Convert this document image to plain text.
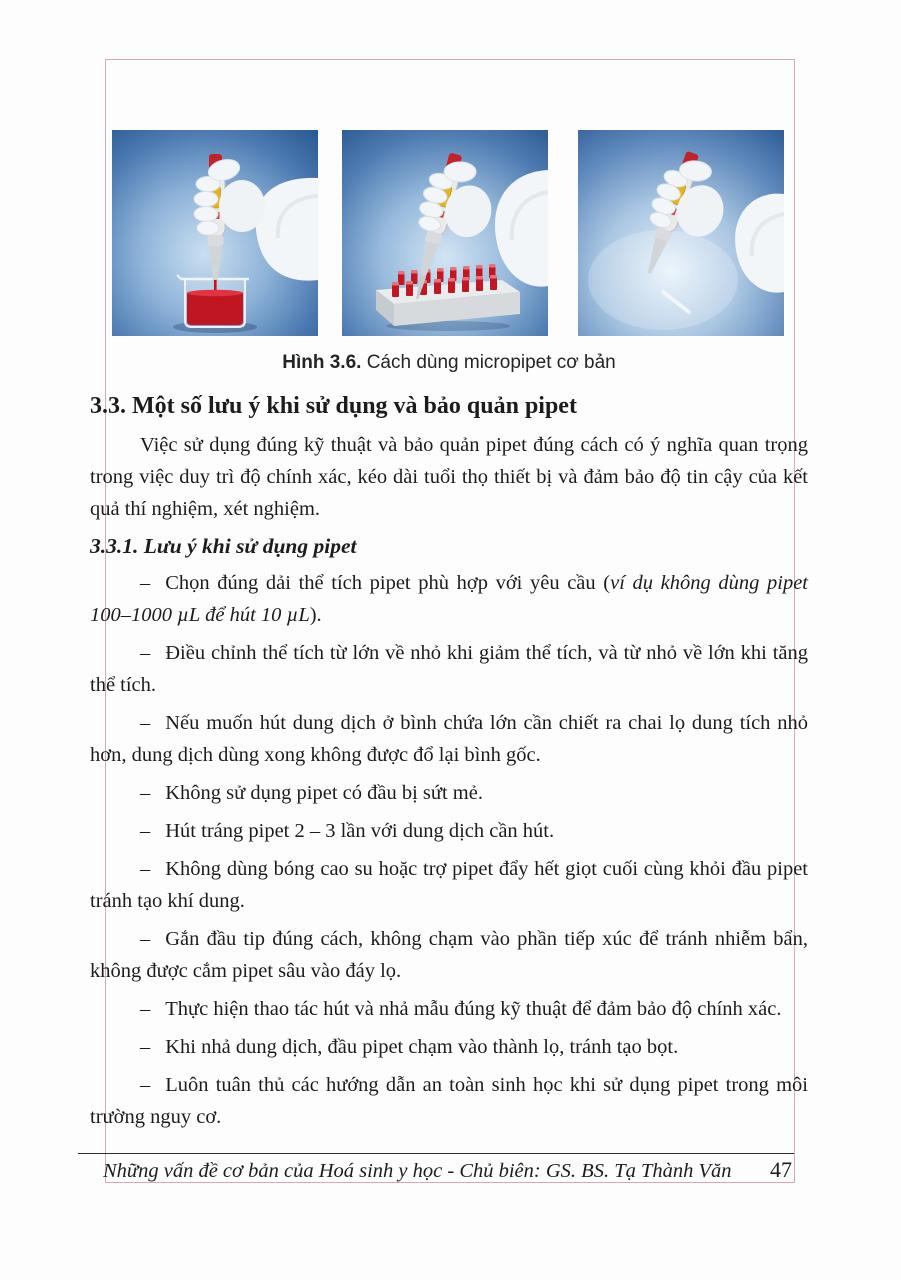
Hình 3.6. Cách dùng micropipet cơ bản
3.3. Một số lưu ý khi sử dụng và bảo quản pipet

Việc sử dụng đúng kỹ thuật và bảo quản pipet đúng cách có ý nghĩa quan trọng trong việc duy trì độ chính xác, kéo dài tuổi thọ thiết bị và đảm bảo độ tin cậy của kết quả thí nghiệm, xét nghiệm.

3.3.1. Lưu ý khi sử dụng pipet

– Chọn đúng dải thể tích pipet phù hợp với yêu cầu (ví dụ không dùng pipet 100–1000 µL để hút 10 µL).

– Điều chỉnh thể tích từ lớn về nhỏ khi giảm thể tích, và từ nhỏ về lớn khi tăng thể tích.

– Nếu muốn hút dung dịch ở bình chứa lớn cần chiết ra chai lọ dung tích nhỏ hơn, dung dịch dùng xong không được đổ lại bình gốc.

– Không sử dụng pipet có đầu bị sứt mẻ.

– Hút tráng pipet 2 – 3 lần với dung dịch cần hút.

– Không dùng bóng cao su hoặc trợ pipet đẩy hết giọt cuối cùng khỏi đầu pipet tránh tạo khí dung.

– Gắn đầu tip đúng cách, không chạm vào phần tiếp xúc để tránh nhiễm bẩn, không được cắm pipet sâu vào đáy lọ.

– Thực hiện thao tác hút và nhả mẫu đúng kỹ thuật để đảm bảo độ chính xác.

– Khi nhả dung dịch, đầu pipet chạm vào thành lọ, tránh tạo bọt.

– Luôn tuân thủ các hướng dẫn an toàn sinh học khi sử dụng pipet trong môi trường nguy cơ.

Những vấn đề cơ bản của Hoá sinh y học - Chủ biên: GS. BS. Tạ Thành Văn 47
